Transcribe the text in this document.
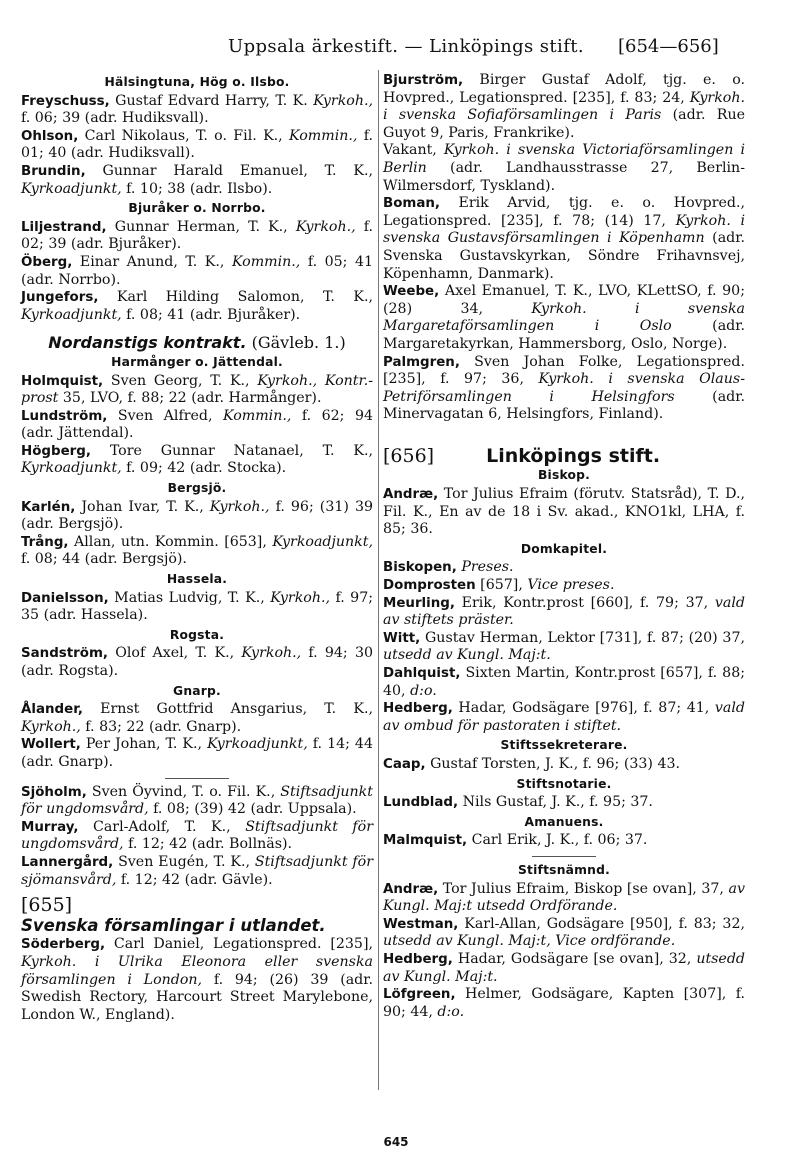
Uppsala ärkestift. — Linköpings stift. [654—656]
Hälsingtuna, Hög o. Ilsbo.

Freyschuss, Gustaf Edvard Harry, T. K. Kyrkoh., f. 06; 39 (adr. Hudiksvall).

Ohlson, Carl Nikolaus, T. o. Fil. K., Kommin., f. 01; 40 (adr. Hudiksvall).

Brundin, Gunnar Harald Emanuel, T. K., Kyrkoadjunkt, f. 10; 38 (adr. Ilsbo).

Bjuråker o. Norrbo.

Liljestrand, Gunnar Herman, T. K., Kyrkoh., f. 02; 39 (adr. Bjuråker).

Öberg, Einar Anund, T. K., Kommin., f. 05; 41 (adr. Norrbo).

Jungefors, Karl Hilding Salomon, T. K., Kyrkoadjunkt, f. 08; 41 (adr. Bjuråker).

Nordanstigs kontrakt. (Gävleb. 1.)
Harmånger o. Jättendal.

Holmquist, Sven Georg, T. K., Kyrkoh., Kontr.-prost 35, LVO, f. 88; 22 (adr. Harmånger).

Lundström, Sven Alfred, Kommin., f. 62; 94 (adr. Jättendal).

Högberg, Tore Gunnar Natanael, T. K., Kyrkoadjunkt, f. 09; 42 (adr. Stocka).

Bergsjö.

Karlén, Johan Ivar, T. K., Kyrkoh., f. 96; (31) 39 (adr. Bergsjö).

Trång, Allan, utn. Kommin. [653], Kyrkoadjunkt, f. 08; 44 (adr. Bergsjö).

Hassela.

Danielsson, Matias Ludvig, T. K., Kyrkoh., f. 97; 35 (adr. Hassela).

Rogsta.

Sandström, Olof Axel, T. K., Kyrkoh., f. 94; 30 (adr. Rogsta).

Gnarp.

Ålander, Ernst Gottfrid Ansgarius, T. K., Kyrkoh., f. 83; 22 (adr. Gnarp).

Wollert, Per Johan, T. K., Kyrkoadjunkt, f. 14; 44 (adr. Gnarp).

Sjöholm, Sven Öyvind, T. o. Fil. K., Stiftsadjunkt för ungdomsvård, f. 08; (39) 42 (adr. Uppsala).

Murray, Carl-Adolf, T. K., Stiftsadjunkt för ungdomsvård, f. 12; 42 (adr. Bollnäs).

Lannergård, Sven Eugén, T. K., Stiftsadjunkt för sjömansvård, f. 12; 42 (adr. Gävle).

[655]
Svenska församlingar i utlandet.

Söderberg, Carl Daniel, Legationspred. [235], Kyrkoh. i Ulrika Eleonora eller svenska församlingen i London, f. 94; (26) 39 (adr. Swedish Rectory, Harcourt Street Marylebone, London W., England).

Bjurström, Birger Gustaf Adolf, tjg. e. o. Hovpred., Legationspred. [235], f. 83; 24, Kyrkoh. i svenska Sofiaförsamlingen i Paris (adr. Rue Guyot 9, Paris, Frankrike).

Vakant, Kyrkoh. i svenska Victoriaförsamlingen i Berlin (adr. Landhausstrasse 27, Berlin-Wilmersdorf, Tyskland).

Boman, Erik Arvid, tjg. e. o. Hovpred., Legationspred. [235], f. 78; (14) 17, Kyrkoh. i svenska Gustavsförsamlingen i Köpenhamn (adr. Svenska Gustavskyrkan, Söndre Frihavnsvej, Köpenhamn, Danmark).

Weebe, Axel Emanuel, T. K., LVO, KLettSO, f. 90; (28) 34, Kyrkoh. i svenska Margaretaförsamlingen i Oslo (adr. Margaretakyrkan, Hammersborg, Oslo, Norge).

Palmgren, Sven Johan Folke, Legationspred. [235], f. 97; 36, Kyrkoh. i svenska Olaus-Petriförsamlingen i Helsingfors (adr. Minervagatan 6, Helsingfors, Finland).

[656]	Linköpings stift.
Biskop.

Andræ, Tor Julius Efraim (förutv. Statsråd), T. D., Fil. K., En av de 18 i Sv. akad., KNO1kl, LHA, f. 85; 36.

Domkapitel.

Biskopen, Preses.

Domprosten [657], Vice preses.

Meurling, Erik, Kontr.prost [660], f. 79; 37, vald av stiftets präster.

Witt, Gustav Herman, Lektor [731], f. 87; (20) 37, utsedd av Kungl. Maj:t.

Dahlquist, Sixten Martin, Kontr.prost [657], f. 88; 40, d:o.

Hedberg, Hadar, Godsägare [976], f. 87; 41, vald av ombud för pastoraten i stiftet.

Stiftssekreterare.

Caap, Gustaf Torsten, J. K., f. 96; (33) 43.

Stiftsnotarie.

Lundblad, Nils Gustaf, J. K., f. 95; 37.

Amanuens.

Malmquist, Carl Erik, J. K., f. 06; 37.

Stiftsnämnd.

Andræ, Tor Julius Efraim, Biskop [se ovan], 37, av Kungl. Maj:t utsedd Ordförande.

Westman, Karl-Allan, Godsägare [950], f. 83; 32, utsedd av Kungl. Maj:t, Vice ordförande.

Hedberg, Hadar, Godsägare [se ovan], 32, utsedd av Kungl. Maj:t.

Löfgreen, Helmer, Godsägare, Kapten [307], f. 90; 44, d:o.

645
